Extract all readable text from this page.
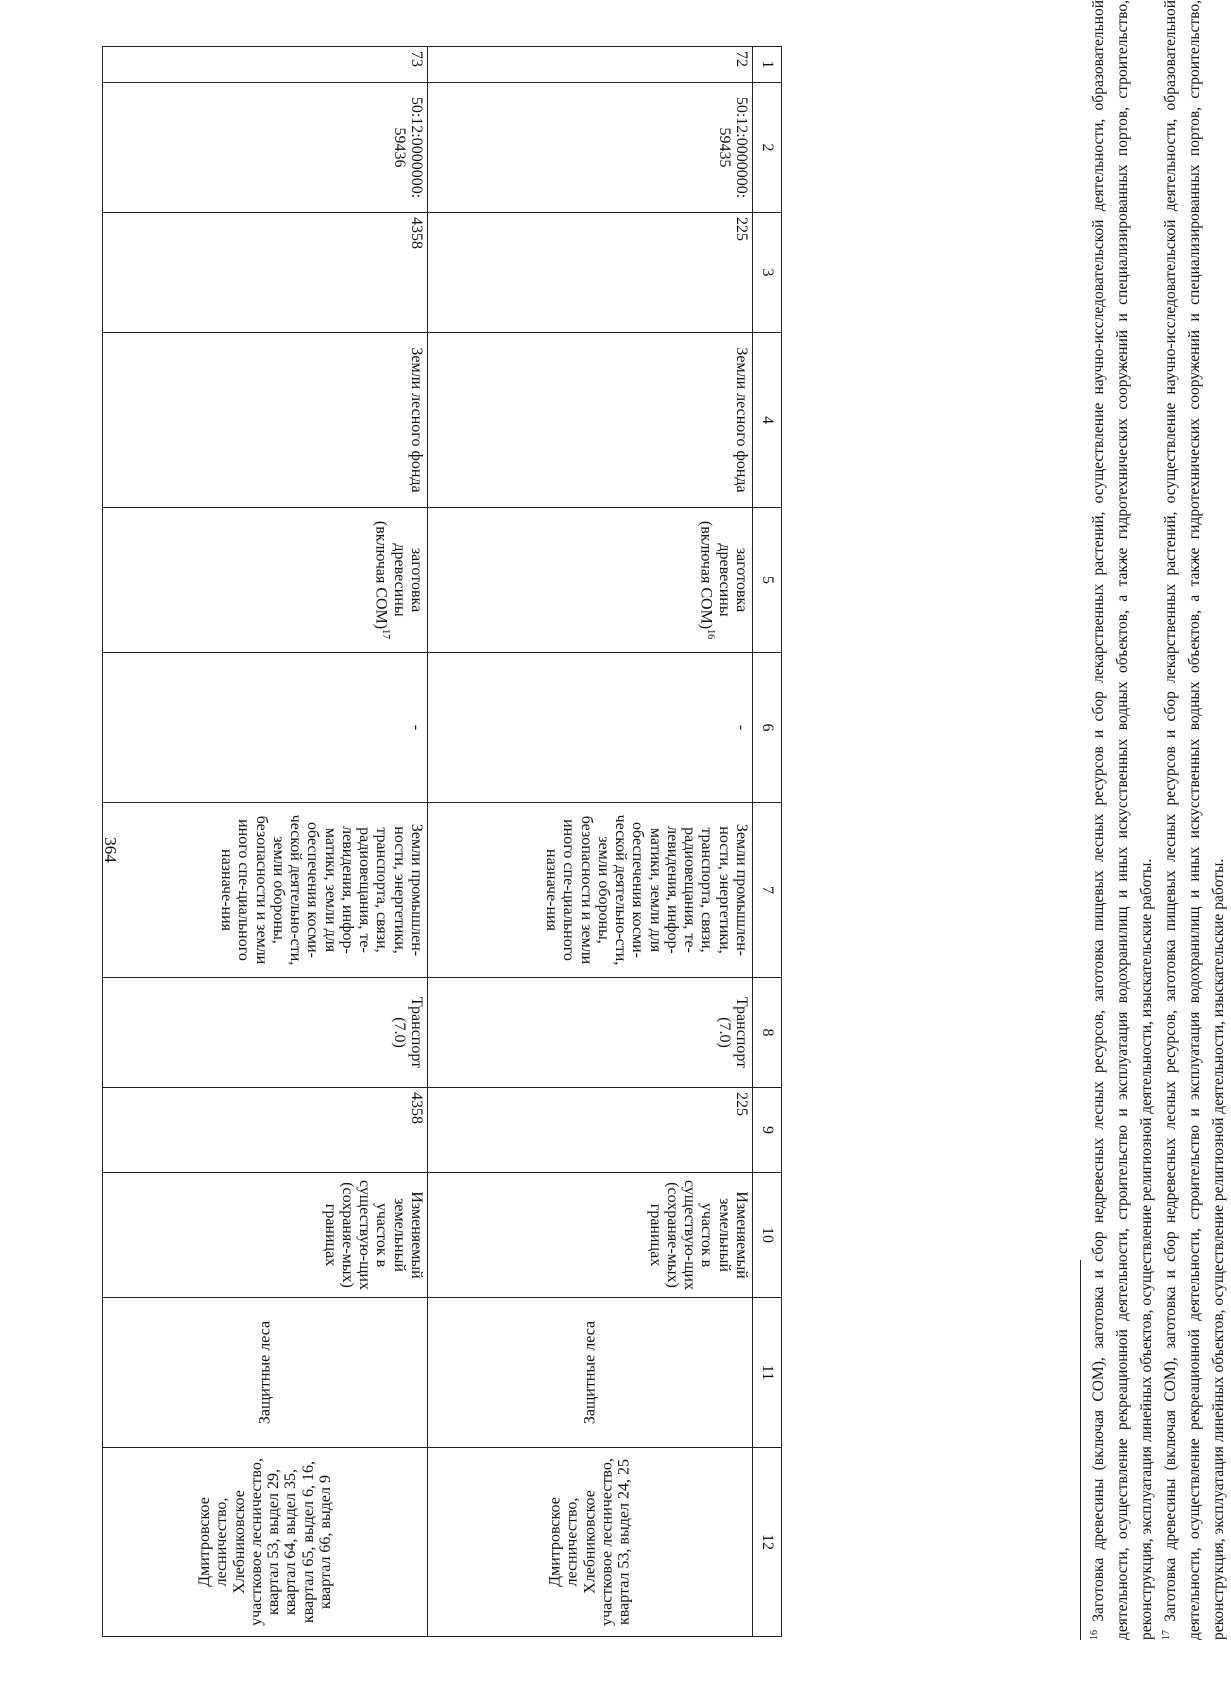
364
1	2	3	4	5	6	7	8	9	10	11	12
72	50:12:0000000: 59435	225	Земли лесного фонда	заготовка древесины (включая СОМ)$^{16}$	-	Земли промышлен-ности, энергетики, транспорта, связи, радиовещания, те-левидения, инфор-матики, земли для обеспечения косми-ческой деятельно-сти, земли обороны, безопасности и земли иного спе-циального назначе-ния	Транспорт (7.0)	225	Изменяемый земельный участок в существую-щих (сохраняе-мых) границах	Защитные леса	Дмитровское лесничество, Хлебниковское участковое лесничество, квартал 53, выдел 24, 25

73	50:12:0000000: 59436	4358	Земли лесного фонда	заготовка древесины (включая СОМ)$^{17}$	-	Земли промышлен-ности, энергетики, транспорта, связи, радиовещания, те-левидения, инфор-матики, земли для обеспечения косми-ческой деятельно-сти, земли обороны, безопасности и земли иного спе-циального назначе-ния	Транспорт (7.0)	4358	Изменяемый земельный участок в существую-щих (сохраняе-мых) границах	Защитные леса	Дмитровское лесничество, Хлебниковское участковое лесничество, квартал 53, выдел 29, квартал 64, выдел 35, квартал 65, выдел 6, 16, квартал 66, выдел 9

$^{16}$ Заготовка древесины (включая СОМ), заготовка и сбор недревесных лесных ресурсов, заготовка пищевых лесных ресурсов и сбор лекарственных растений, осуществление научно-исследовательской деятельности, образовательной деятельности, осуществление рекреационной деятельности, строительство и эксплуатация водохранилищ и иных искусственных водных объектов, а также гидротехнических сооружений и специализированных портов, строительство, реконструкция, эксплуатация линейных объектов, осуществление религиозной деятельности, изыскательские работы. $^{17}$ Заготовка древесины (включая СОМ), заготовка и сбор недревесных лесных ресурсов, заготовка пищевых лесных ресурсов и сбор лекарственных растений, осуществление научно-исследовательской деятельности, образовательной деятельности, осуществление рекреационной деятельности, строительство и эксплуатация водохранилищ и иных искусственных водных объектов, а также гидротехнических сооружений и специализированных портов, строительство, реконструкция, эксплуатация линейных объектов, осуществление религиозной деятельности, изыскательские работы.
